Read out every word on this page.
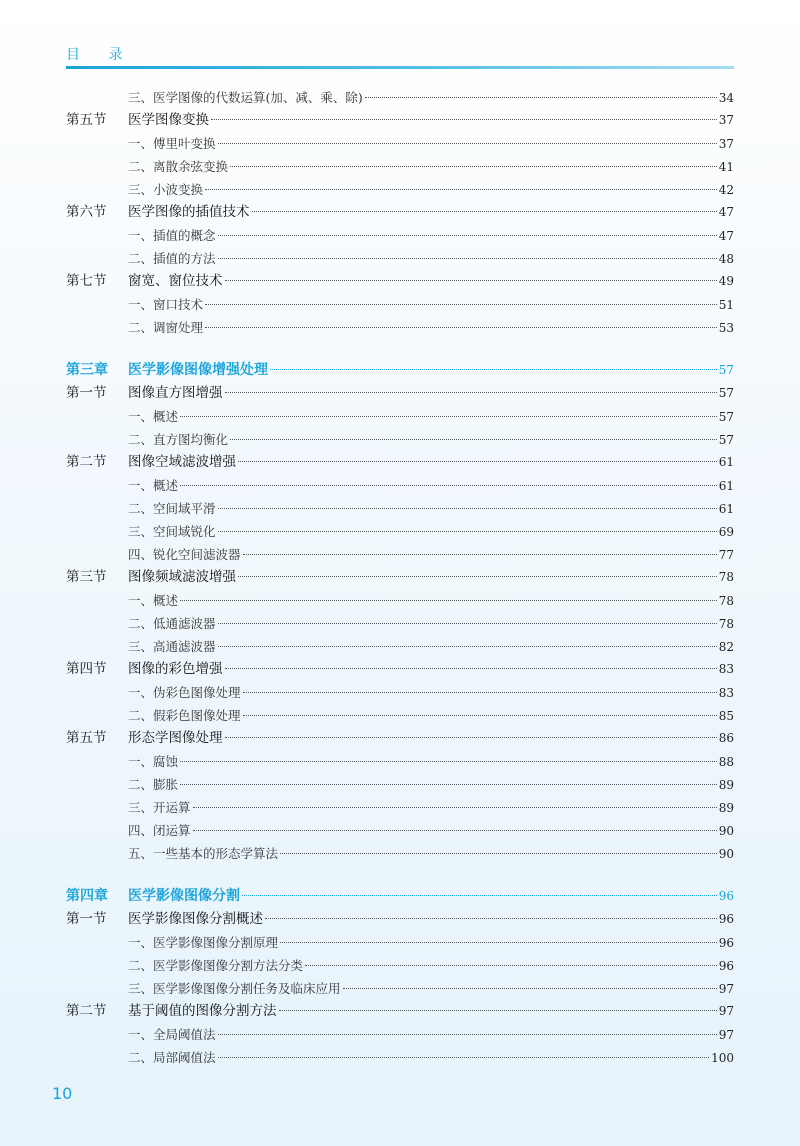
目 录
三、医学图像的代数运算(加、减、乘、除)	34
第五节	医学图像变换	37
一、傅里叶变换	37
二、离散余弦变换	41
三、小波变换	42
第六节	医学图像的插值技术	47
一、插值的概念	47
二、插值的方法	48
第七节	窗宽、窗位技术	49
一、窗口技术	51
二、调窗处理	53
第三章	医学影像图像增强处理	57
第一节	图像直方图增强	57
一、概述	57
二、直方图均衡化	57
第二节	图像空域滤波增强	61
一、概述	61
二、空间域平滑	61
三、空间域锐化	69
四、锐化空间滤波器	77
第三节	图像频域滤波增强	78
一、概述	78
二、低通滤波器	78
三、高通滤波器	82
第四节	图像的彩色增强	83
一、伪彩色图像处理	83
二、假彩色图像处理	85
第五节	形态学图像处理	86
一、腐蚀	88
二、膨胀	89
三、开运算	89
四、闭运算	90
五、一些基本的形态学算法	90
第四章	医学影像图像分割	96
第一节	医学影像图像分割概述	96
一、医学影像图像分割原理	96
二、医学影像图像分割方法分类	96
三、医学影像图像分割任务及临床应用	97
第二节	基于阈值的图像分割方法	97
一、全局阈值法	97
二、局部阈值法	100
10
